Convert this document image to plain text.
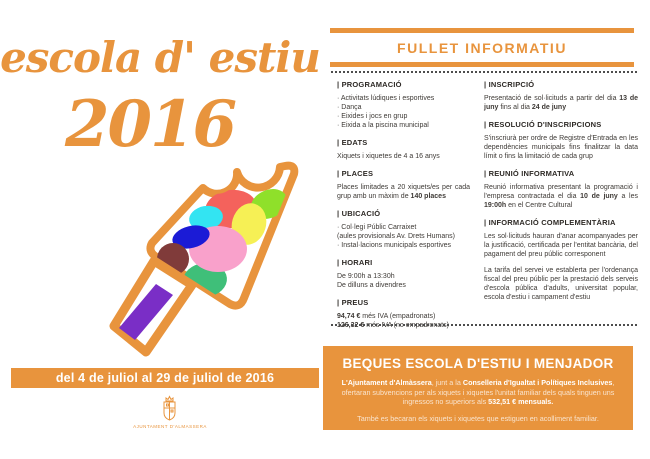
escola d' estiu
2016
del 4 de juliol al 29 de juliol de 2016
AJUNTAMENT D'ALMASSERA
FULLET INFORMATIU
| PROGRAMACIÓ
· Activitats lúdiques i esportives
· Dança
· Eixides i jocs en grup
· Eixida a la piscina municipal
| EDATS
Xiquets i xiquetes de 4 a 16 anys
| PLACES
Places limitades a 20 xiquets/es per cada grup amb un màxim de 140 places
| UBICACIÓ
· Col·legi Públic Carraixet
(aules provisionals Av. Drets Humans)
· Instal·lacions municipals esportives
| HORARI
De 9:00h a 13:30h
De dilluns a divendres
| PREUS
94,74 € més IVA (empadronats)
126,32 € més IVA (no empadronats)
| INSCRIPCIÓ
Presentació de sol·licituds a partir del dia 13 de juny fins al dia 24 de juny
| RESOLUCIÓ D'INSCRIPCIONS
S'inscriurà per ordre de Registre d'Entrada en les dependències municipals fins finalitzar la data límit o fins la limitació de cada grup
| REUNIÓ INFORMATIVA
Reunió informativa presentant la programació i l'empresa contractada el dia 10 de juny a les 19:00h en el Centre Cultural
| INFORMACIÓ COMPLEMENTÀRIA
Les sol·licituds hauran d'anar acompanyades per la justificació, certificada per l'entitat bancària, del pagament del preu públic corresponent
La tarifa del servei ve establerta per l'ordenança fiscal del preu públic per la prestació dels serveis d'escola pública d'adults, universitat popular, escola d'estiu i campament d'estiu
BEQUES ESCOLA D'ESTIU I MENJADOR
L'Ajuntament d'Almàssera, junt a la Conselleria d'Igualtat i Polítiques Inclusives, ofertaran subvencions per als xiquets i xiquetes l'unitat familiar dels quals tinguen uns ingressos no superiors als 532,51 € mensuals.
També es becaran els xiquets i xiquetes que estiguen en acolliment familiar.
